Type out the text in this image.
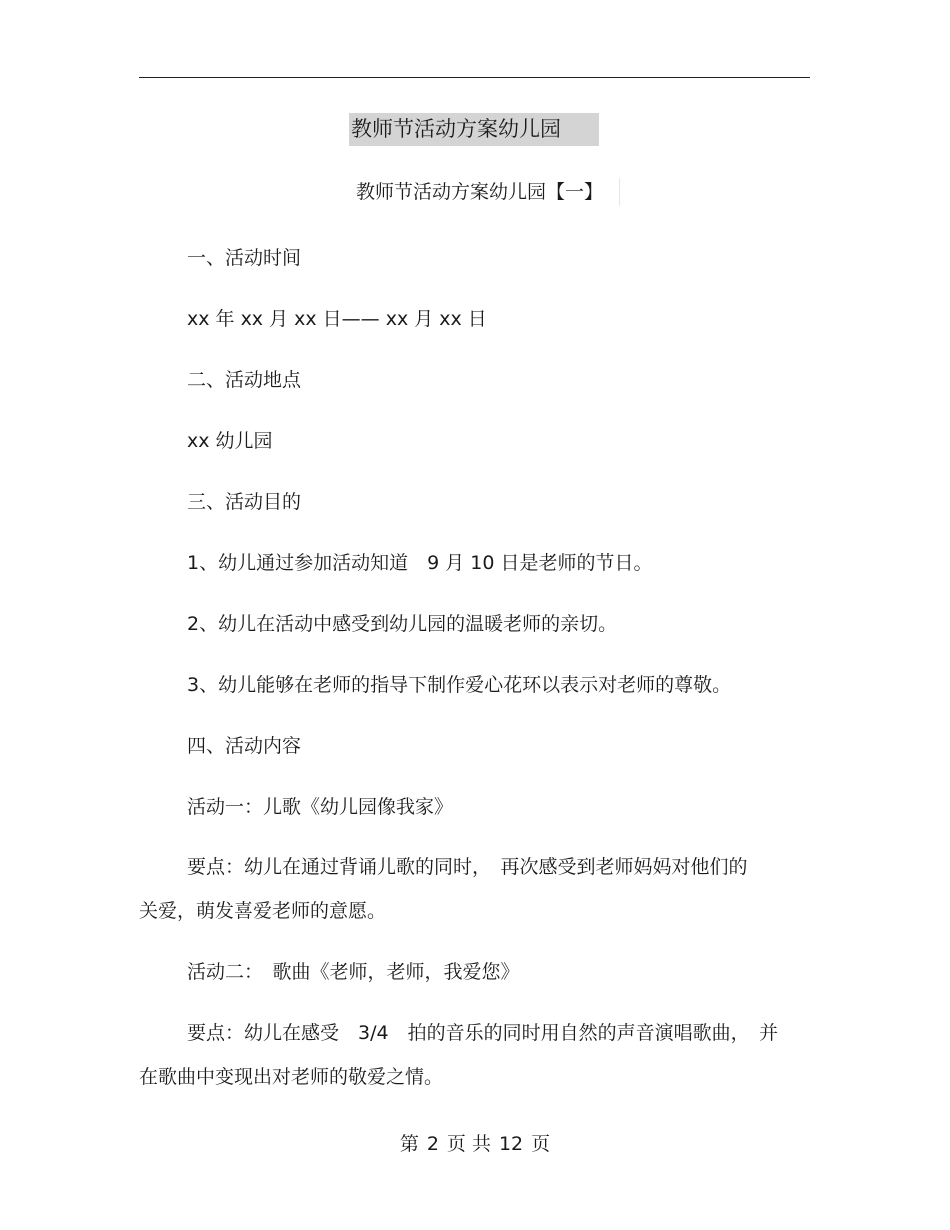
教师节活动方案幼儿园
教师节活动方案幼儿园【一】
一、活动时间
xx 年 xx 月 xx 日—— xx 月 xx 日
二、活动地点
xx 幼儿园
三、活动目的
1、幼儿通过参加活动知道　9 月 10 日是老师的节日。
2、幼儿在活动中感受到幼儿园的温暖老师的亲切。
3、幼儿能够在老师的指导下制作爱心花环以表示对老师的尊敬。
四、活动内容
活动一：儿歌《幼儿园像我家》
要点：幼儿在通过背诵儿歌的同时，　再次感受到老师妈妈对他们的
关爱，萌发喜爱老师的意愿。
活动二：　歌曲《老师，老师，我爱您》
要点：幼儿在感受　3/4　拍的音乐的同时用自然的声音演唱歌曲，　并
在歌曲中变现出对老师的敬爱之情。
第 2 页 共 12 页
